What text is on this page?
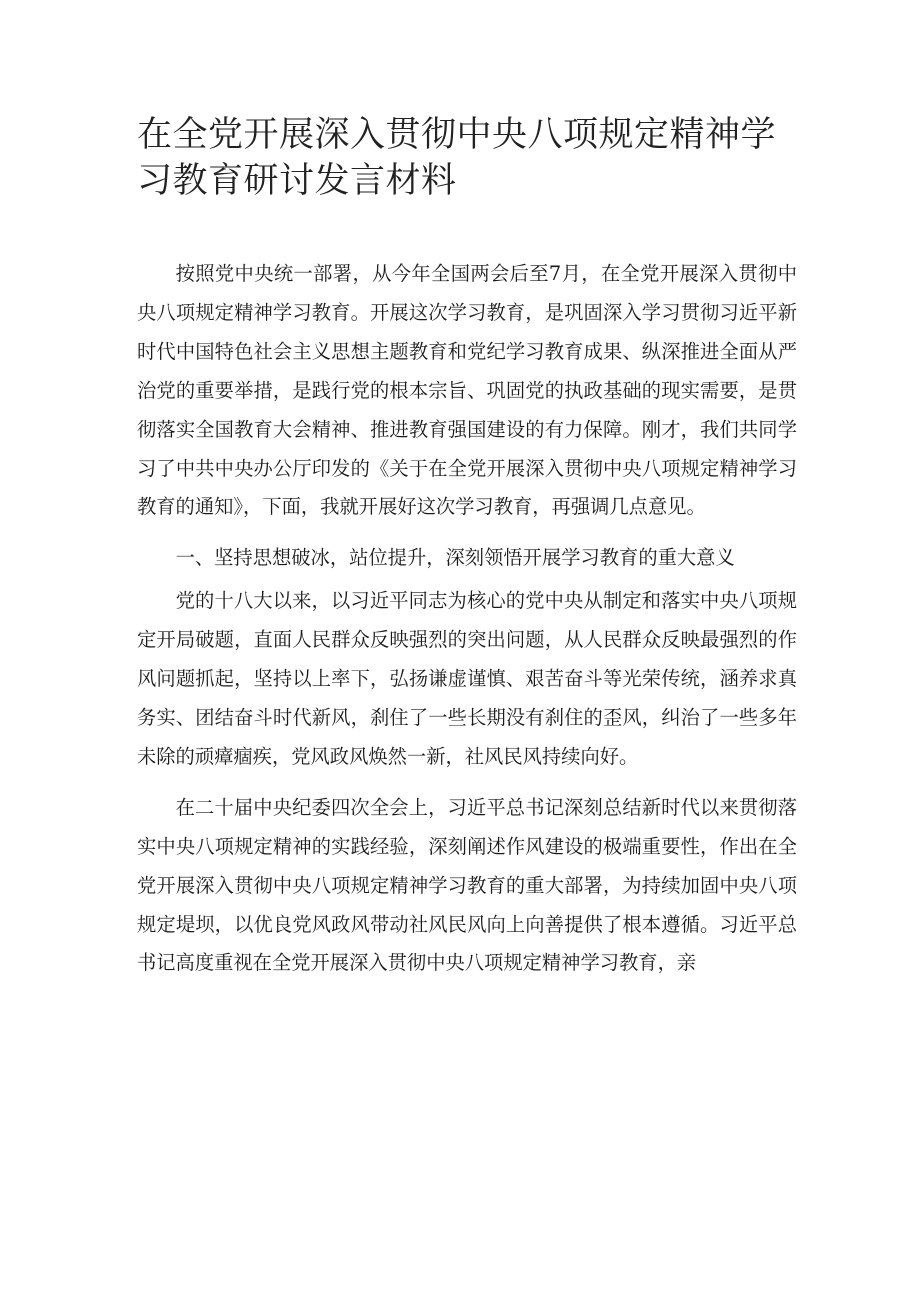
在全党开展深入贯彻中央八项规定精神学习教育研讨发言材料

按照党中央统一部署，从今年全国两会后至7月，在全党开展深入贯彻中央八项规定精神学习教育。开展这次学习教育，是巩固深入学习贯彻习近平新时代中国特色社会主义思想主题教育和党纪学习教育成果、纵深推进全面从严治党的重要举措，是践行党的根本宗旨、巩固党的执政基础的现实需要，是贯彻落实全国教育大会精神、推进教育强国建设的有力保障。刚才，我们共同学习了中共中央办公厅印发的《关于在全党开展深入贯彻中央八项规定精神学习教育的通知》，下面，我就开展好这次学习教育，再强调几点意见。

一、坚持思想破冰，站位提升，深刻领悟开展学习教育的重大意义

党的十八大以来，以习近平同志为核心的党中央从制定和落实中央八项规定开局破题，直面人民群众反映强烈的突出问题，从人民群众反映最强烈的作风问题抓起，坚持以上率下，弘扬谦虚谨慎、艰苦奋斗等光荣传统，涵养求真务实、团结奋斗时代新风，刹住了一些长期没有刹住的歪风，纠治了一些多年未除的顽瘴痼疾，党风政风焕然一新，社风民风持续向好。

在二十届中央纪委四次全会上，习近平总书记深刻总结新时代以来贯彻落实中央八项规定精神的实践经验，深刻阐述作风建设的极端重要性，作出在全党开展深入贯彻中央八项规定精神学习教育的重大部署，为持续加固中央八项规定堤坝，以优良党风政风带动社风民风向上向善提供了根本遵循。习近平总书记高度重视在全党开展深入贯彻中央八项规定精神学习教育，亲
